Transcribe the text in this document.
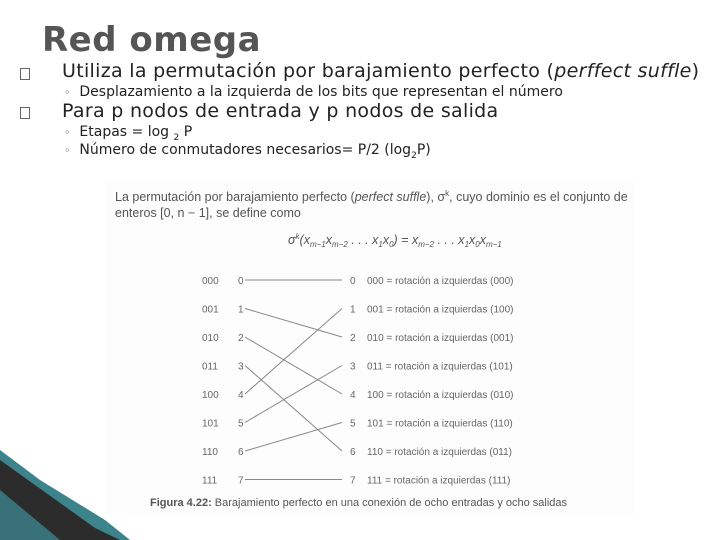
Red omega
Utiliza la permutación por barajamiento perfecto (perffect suffle)
◦ Desplazamiento a la izquierda de los bits que representan el número
Para p nodos de entrada y p nodos de salida
◦ Etapas = log $_2$ P
◦ Número de conmutadores necesarios= P/2 $(\log_2P)$
La permutación por barajamiento perfecto (perfect suffle), $\sigma^k$, cuyo dominio es el conjunto de
enteros [0, n − 1], se define como
$\sigma^k(x_{m-1}x_{m-2}$ . . . $x_1x_0) = x_{m-2}$ . . . $x_1x_0x_{m-1}$
000 0	0 000 = rotación a izquierdas (000)
001 1	1 001 = rotación a izquierdas (100)
010 2	2 010 = rotación a izquierdas (001)
011 3	3 011 = rotación a izquierdas (101)
100 4	4 100 = rotación a izquierdas (010)
101 5	5 101 = rotación a izquierdas (110)
110 6	6 110 = rotación a izquierdas (011)
111 7	7 111 = rotación a izquierdas (111)
Figura 4.22: Barajamiento perfecto en una conexión de ocho entradas y ocho salidas
